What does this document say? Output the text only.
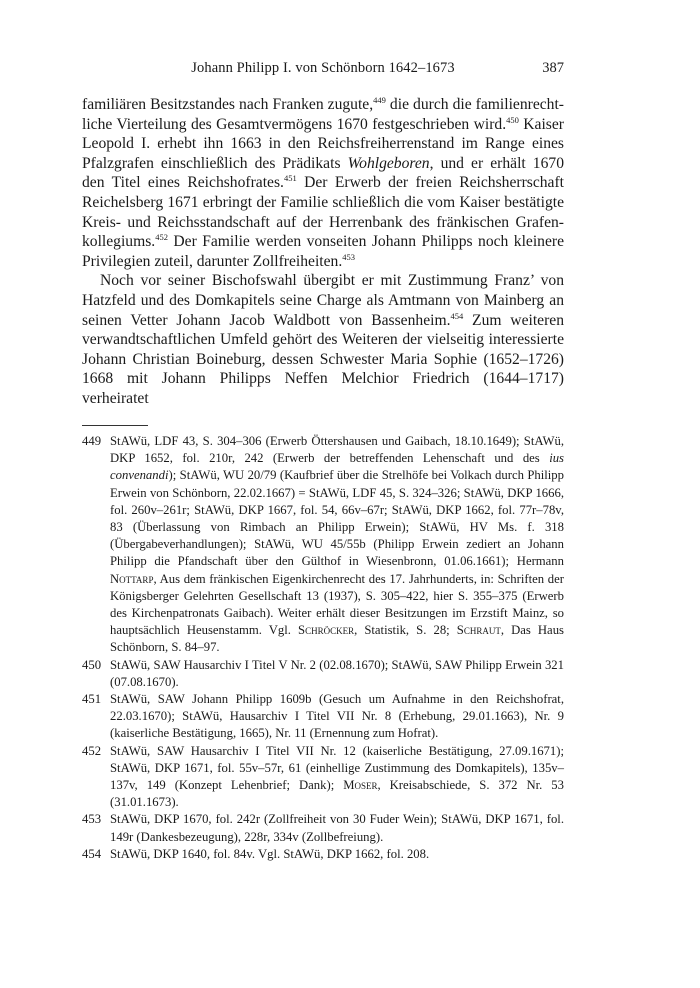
Johann Philipp I. von Schönborn 1642–1673	387

familiären Besitzstandes nach Franken zugute,$^{449}$ die durch die familienrechtliche Vierteilung des Gesamtvermögens 1670 festgeschrieben wird.$^{450}$ Kaiser Leopold I. erhebt ihn 1663 in den Reichsfreiherrenstand im Range eines Pfalzgrafen einschließlich des Prädikats Wohlgeboren, und er erhält 1670 den Titel eines Reichshofrates.$^{451}$ Der Erwerb der freien Reichsherrschaft Reichelsberg 1671 erbringt der Familie schließlich die vom Kaiser bestätigte Kreis- und Reichsstandschaft auf der Herrenbank des fränkischen Grafenkollegiums.$^{452}$ Der Familie werden vonseiten Johann Philipps noch kleinere Privilegien zuteil, darunter Zollfreiheiten.$^{453}$

Noch vor seiner Bischofswahl übergibt er mit Zustimmung Franz’ von Hatzfeld und des Domkapitels seine Charge als Amtmann von Mainberg an seinen Vetter Johann Jacob Waldbott von Bassenheim.$^{454}$ Zum weiteren verwandtschaftlichen Umfeld gehört des Weiteren der vielseitig interessierte Johann Christian Boineburg, dessen Schwester Maria Sophie (1652–1726) 1668 mit Johann Philipps Neffen Melchior Friedrich (1644–1717) verheiratet

449 StAWü, LDF 43, S. 304–306 (Erwerb Öttershausen und Gaibach, 18.10.1649); StAWü, DKP 1652, fol. 210r, 242 (Erwerb der betreffenden Lehenschaft und des ius convenandi); StAWü, WU 20/79 (Kaufbrief über die Strelhöfe bei Volkach durch Philipp Erwein von Schönborn, 22.02.1667) = StAWü, LDF 45, S. 324–326; StAWü, DKP 1666, fol. 260v–261r; StAWü, DKP 1667, fol. 54, 66v–67r; StAWü, DKP 1662, fol. 77r–78v, 83 (Überlassung von Rimbach an Philipp Erwein); StAWü, HV Ms. f. 318 (Übergabeverhandlungen); StAWü, WU 45/55b (Philipp Erwein zediert an Johann Philipp die Pfandschaft über den Gülthof in Wiesenbronn, 01.06.1661); Hermann Nottarp, Aus dem fränkischen Eigenkirchenrecht des 17. Jahrhunderts, in: Schriften der Königsberger Gelehrten Gesellschaft 13 (1937), S. 305–422, hier S. 355–375 (Erwerb des Kirchenpatronats Gaibach). Weiter erhält dieser Besitzungen im Erzstift Mainz, so hauptsächlich Heusenstamm. Vgl. Schröcker, Statistik, S. 28; Schraut, Das Haus Schönborn, S. 84–97.

450 StAWü, SAW Hausarchiv I Titel V Nr. 2 (02.08.1670); StAWü, SAW Philipp Erwein 321 (07.08.1670).

451 StAWü, SAW Johann Philipp 1609b (Gesuch um Aufnahme in den Reichshofrat, 22.03.1670); StAWü, Hausarchiv I Titel VII Nr. 8 (Erhebung, 29.01.1663), Nr. 9 (kaiserliche Bestätigung, 1665), Nr. 11 (Ernennung zum Hofrat).

452 StAWü, SAW Hausarchiv I Titel VII Nr. 12 (kaiserliche Bestätigung, 27.09.1671); StAWü, DKP 1671, fol. 55v–57r, 61 (einhellige Zustimmung des Domkapitels), 135v–137v, 149 (Konzept Lehenbrief; Dank); Moser, Kreisabschiede, S. 372 Nr. 53 (31.01.1673).

453 StAWü, DKP 1670, fol. 242r (Zollfreiheit von 30 Fuder Wein); StAWü, DKP 1671, fol. 149r (Dankesbezeugung), 228r, 334v (Zollbefreiung).

454 StAWü, DKP 1640, fol. 84v. Vgl. StAWü, DKP 1662, fol. 208.
